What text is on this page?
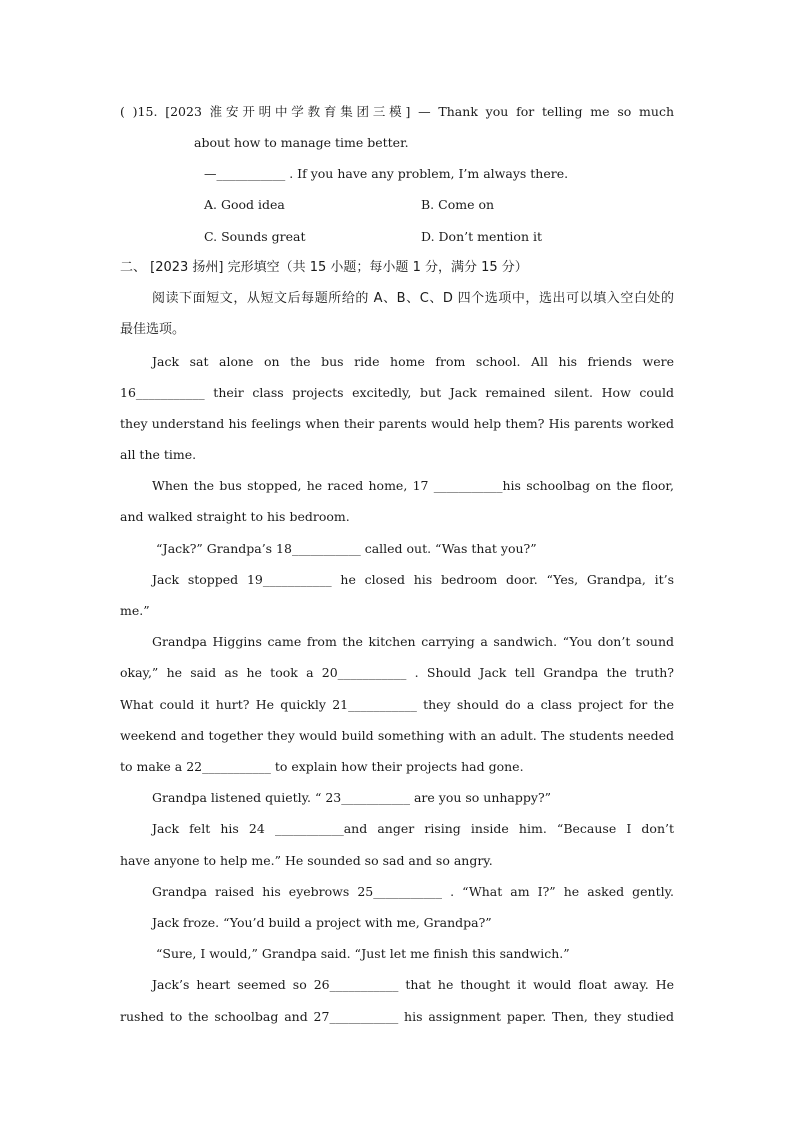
( )15. [2023 淮安开明中学教育集团三模] — Thank you for telling me so much
about how to manage time better.
—___________ . If you have any problem, I’m always there.
A. Good idea	B. Come on
C. Sounds great	D. Don’t mention it
二、 [2023 扬州] 完形填空（共 15 小题；每小题 1 分，满分 15 分）
阅读下面短文，从短文后每题所给的 A、B、C、D 四个选项中，选出可以填入空白处的
最佳选项。
Jack sat alone on the bus ride home from school. All his friends were
16___________ their class projects excitedly, but Jack remained silent. How could
they understand his feelings when their parents would help them? His parents worked
all the time.
When the bus stopped, he raced home, 17 ___________his schoolbag on the floor,
and walked straight to his bedroom.
“Jack?” Grandpa’s 18___________ called out. “Was that you?”
Jack stopped 19___________ he closed his bedroom door. “Yes, Grandpa, it’s
me.”
Grandpa Higgins came from the kitchen carrying a sandwich. “You don’t sound
okay,” he said as he took a 20___________ . Should Jack tell Grandpa the truth?
What could it hurt? He quickly 21___________ they should do a class project for the
weekend and together they would build something with an adult. The students needed
to make a 22___________ to explain how their projects had gone.
Grandpa listened quietly. “ 23___________ are you so unhappy?”
Jack felt his 24 ___________and anger rising inside him. “Because I don’t
have anyone to help me.” He sounded so sad and so angry.
Grandpa raised his eyebrows 25___________ . “What am I?” he asked gently.
Jack froze. “You’d build a project with me, Grandpa?”
“Sure, I would,” Grandpa said. “Just let me finish this sandwich.”
Jack’s heart seemed so 26___________ that he thought it would float away. He
rushed to the schoolbag and 27___________ his assignment paper. Then, they studied
